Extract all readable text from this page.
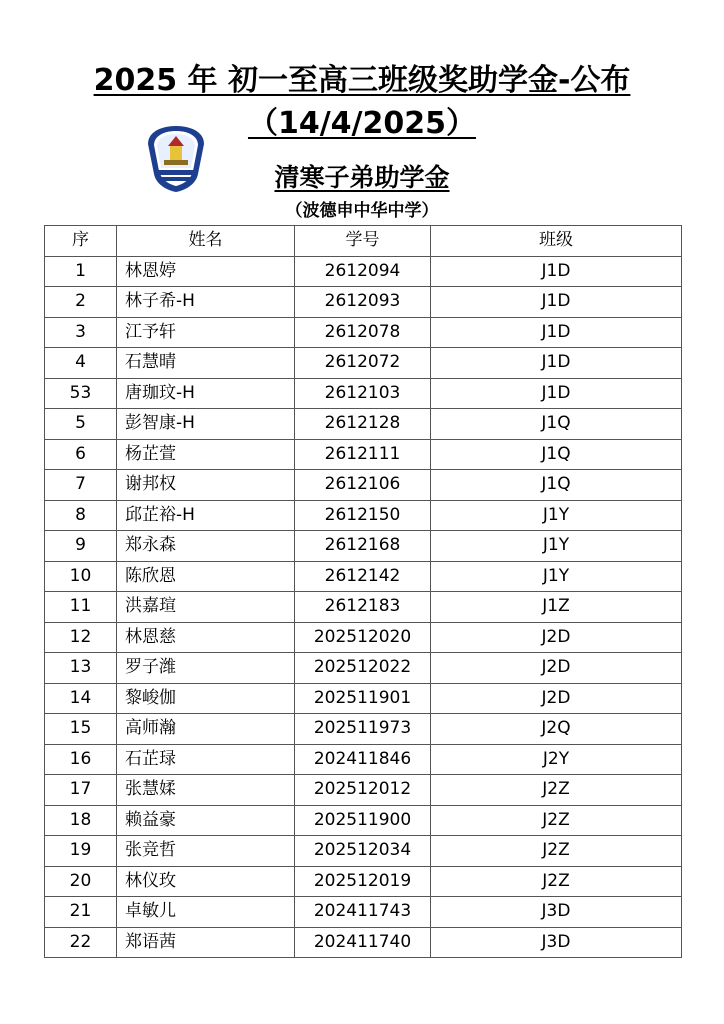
2025 年 初一至高三班级奖助学金-公布
（14/4/2025）
清寒子弟助学金
（波德申中华中学）
序	姓名	学号	班级
1	林恩婷	2612094	J1D
2	林子希-H	2612093	J1D
3	江予轩	2612078	J1D
4	石慧晴	2612072	J1D
53	唐珈玟-H	2612103	J1D
5	彭智康-H	2612128	J1Q
6	杨芷萱	2612111	J1Q
7	谢邦权	2612106	J1Q
8	邱芷裕-H	2612150	J1Y
9	郑永森	2612168	J1Y
10	陈欣恩	2612142	J1Y
11	洪嘉瑄	2612183	J1Z
12	林恩慈	202512020	J2D
13	罗子潍	202512022	J2D
14	黎峻伽	202511901	J2D
15	高师瀚	202511973	J2Q
16	石芷琭	202411846	J2Y
17	张慧媃	202512012	J2Z
18	赖益豪	202511900	J2Z
19	张竞哲	202512034	J2Z
20	林仪玫	202512019	J2Z
21	卓敏儿	202411743	J3D
22	郑语茜	202411740	J3D
